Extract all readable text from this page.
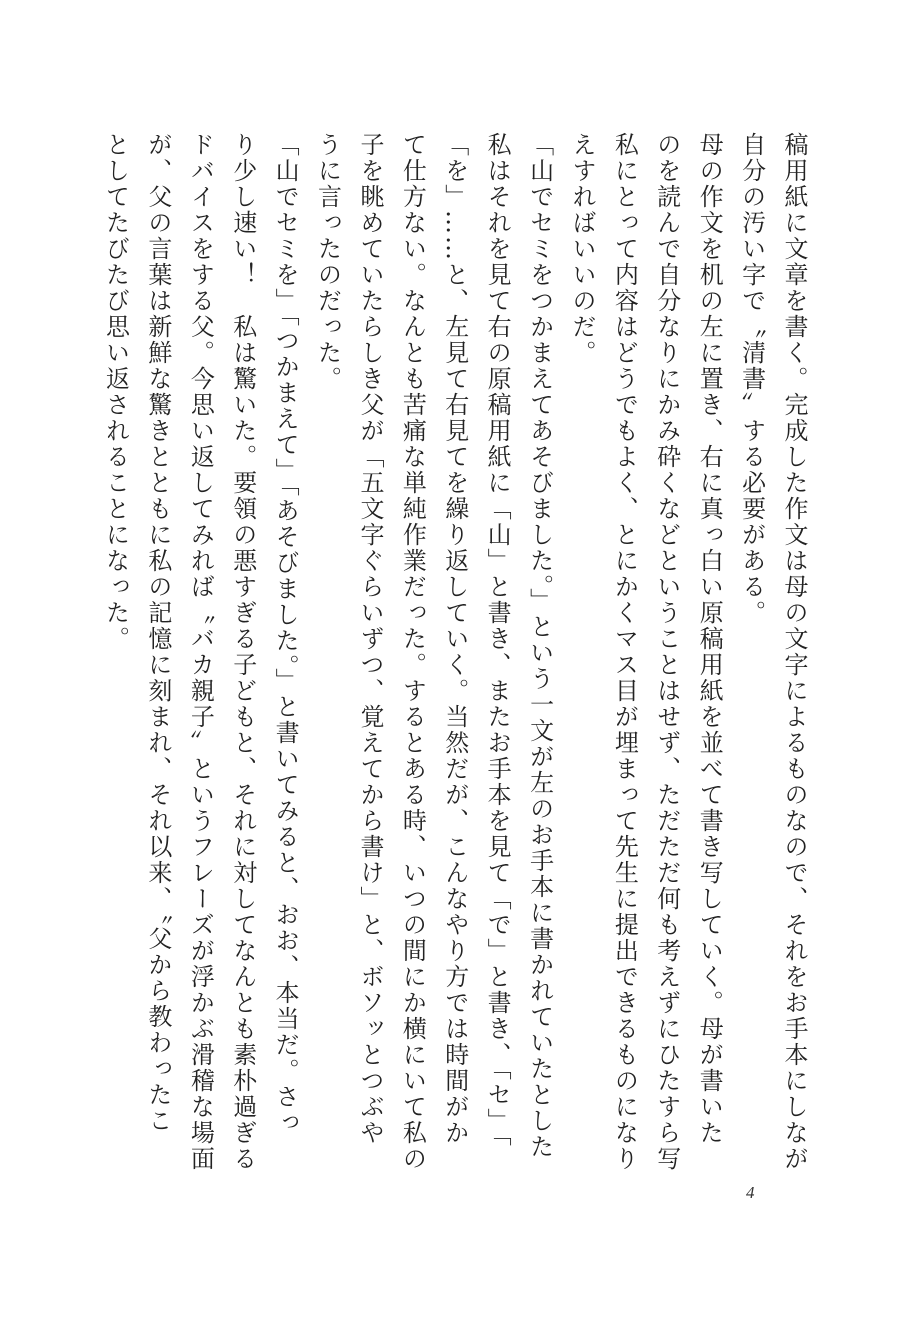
稿用紙に文章を書く。完成した作文は母の文字によるものなので、それをお手本にしなが
自分の汚い字で〝清書〟する必要がある。
母の作文を机の左に置き、右に真っ白い原稿用紙を並べて書き写していく。母が書いた
のを読んで自分なりにかみ砕くなどということはせず、ただただ何も考えずにひたすら写
私にとって内容はどうでもよく、とにかくマス目が埋まって先生に提出できるものになり
えすればいいのだ。
「山でセミをつかまえてあそびました。」という一文が左のお手本に書かれていたとした
私はそれを見て右の原稿用紙に「山」と書き、またお手本を見て「で」と書き、「セ」「
「を」……と、左見て右見てを繰り返していく。当然だが、こんなやり方では時間がか
て仕方ない。なんとも苦痛な単純作業だった。するとある時、いつの間にか横にいて私の
子を眺めていたらしき父が「五文字ぐらいずつ、覚えてから書け」と、ボソッとつぶや
うに言ったのだった。
「山でセミを」「つかまえて」「あそびました。」と書いてみると、おお、本当だ。さっ
り少し速い！　私は驚いた。要領の悪すぎる子どもと、それに対してなんとも素朴過ぎる
ドバイスをする父。今思い返してみれば〝バカ親子〟というフレーズが浮かぶ滑稽な場面
が、父の言葉は新鮮な驚きとともに私の記憶に刻まれ、それ以来、〝父から教わったこ
としてたびたび思い返されることになった。
4
